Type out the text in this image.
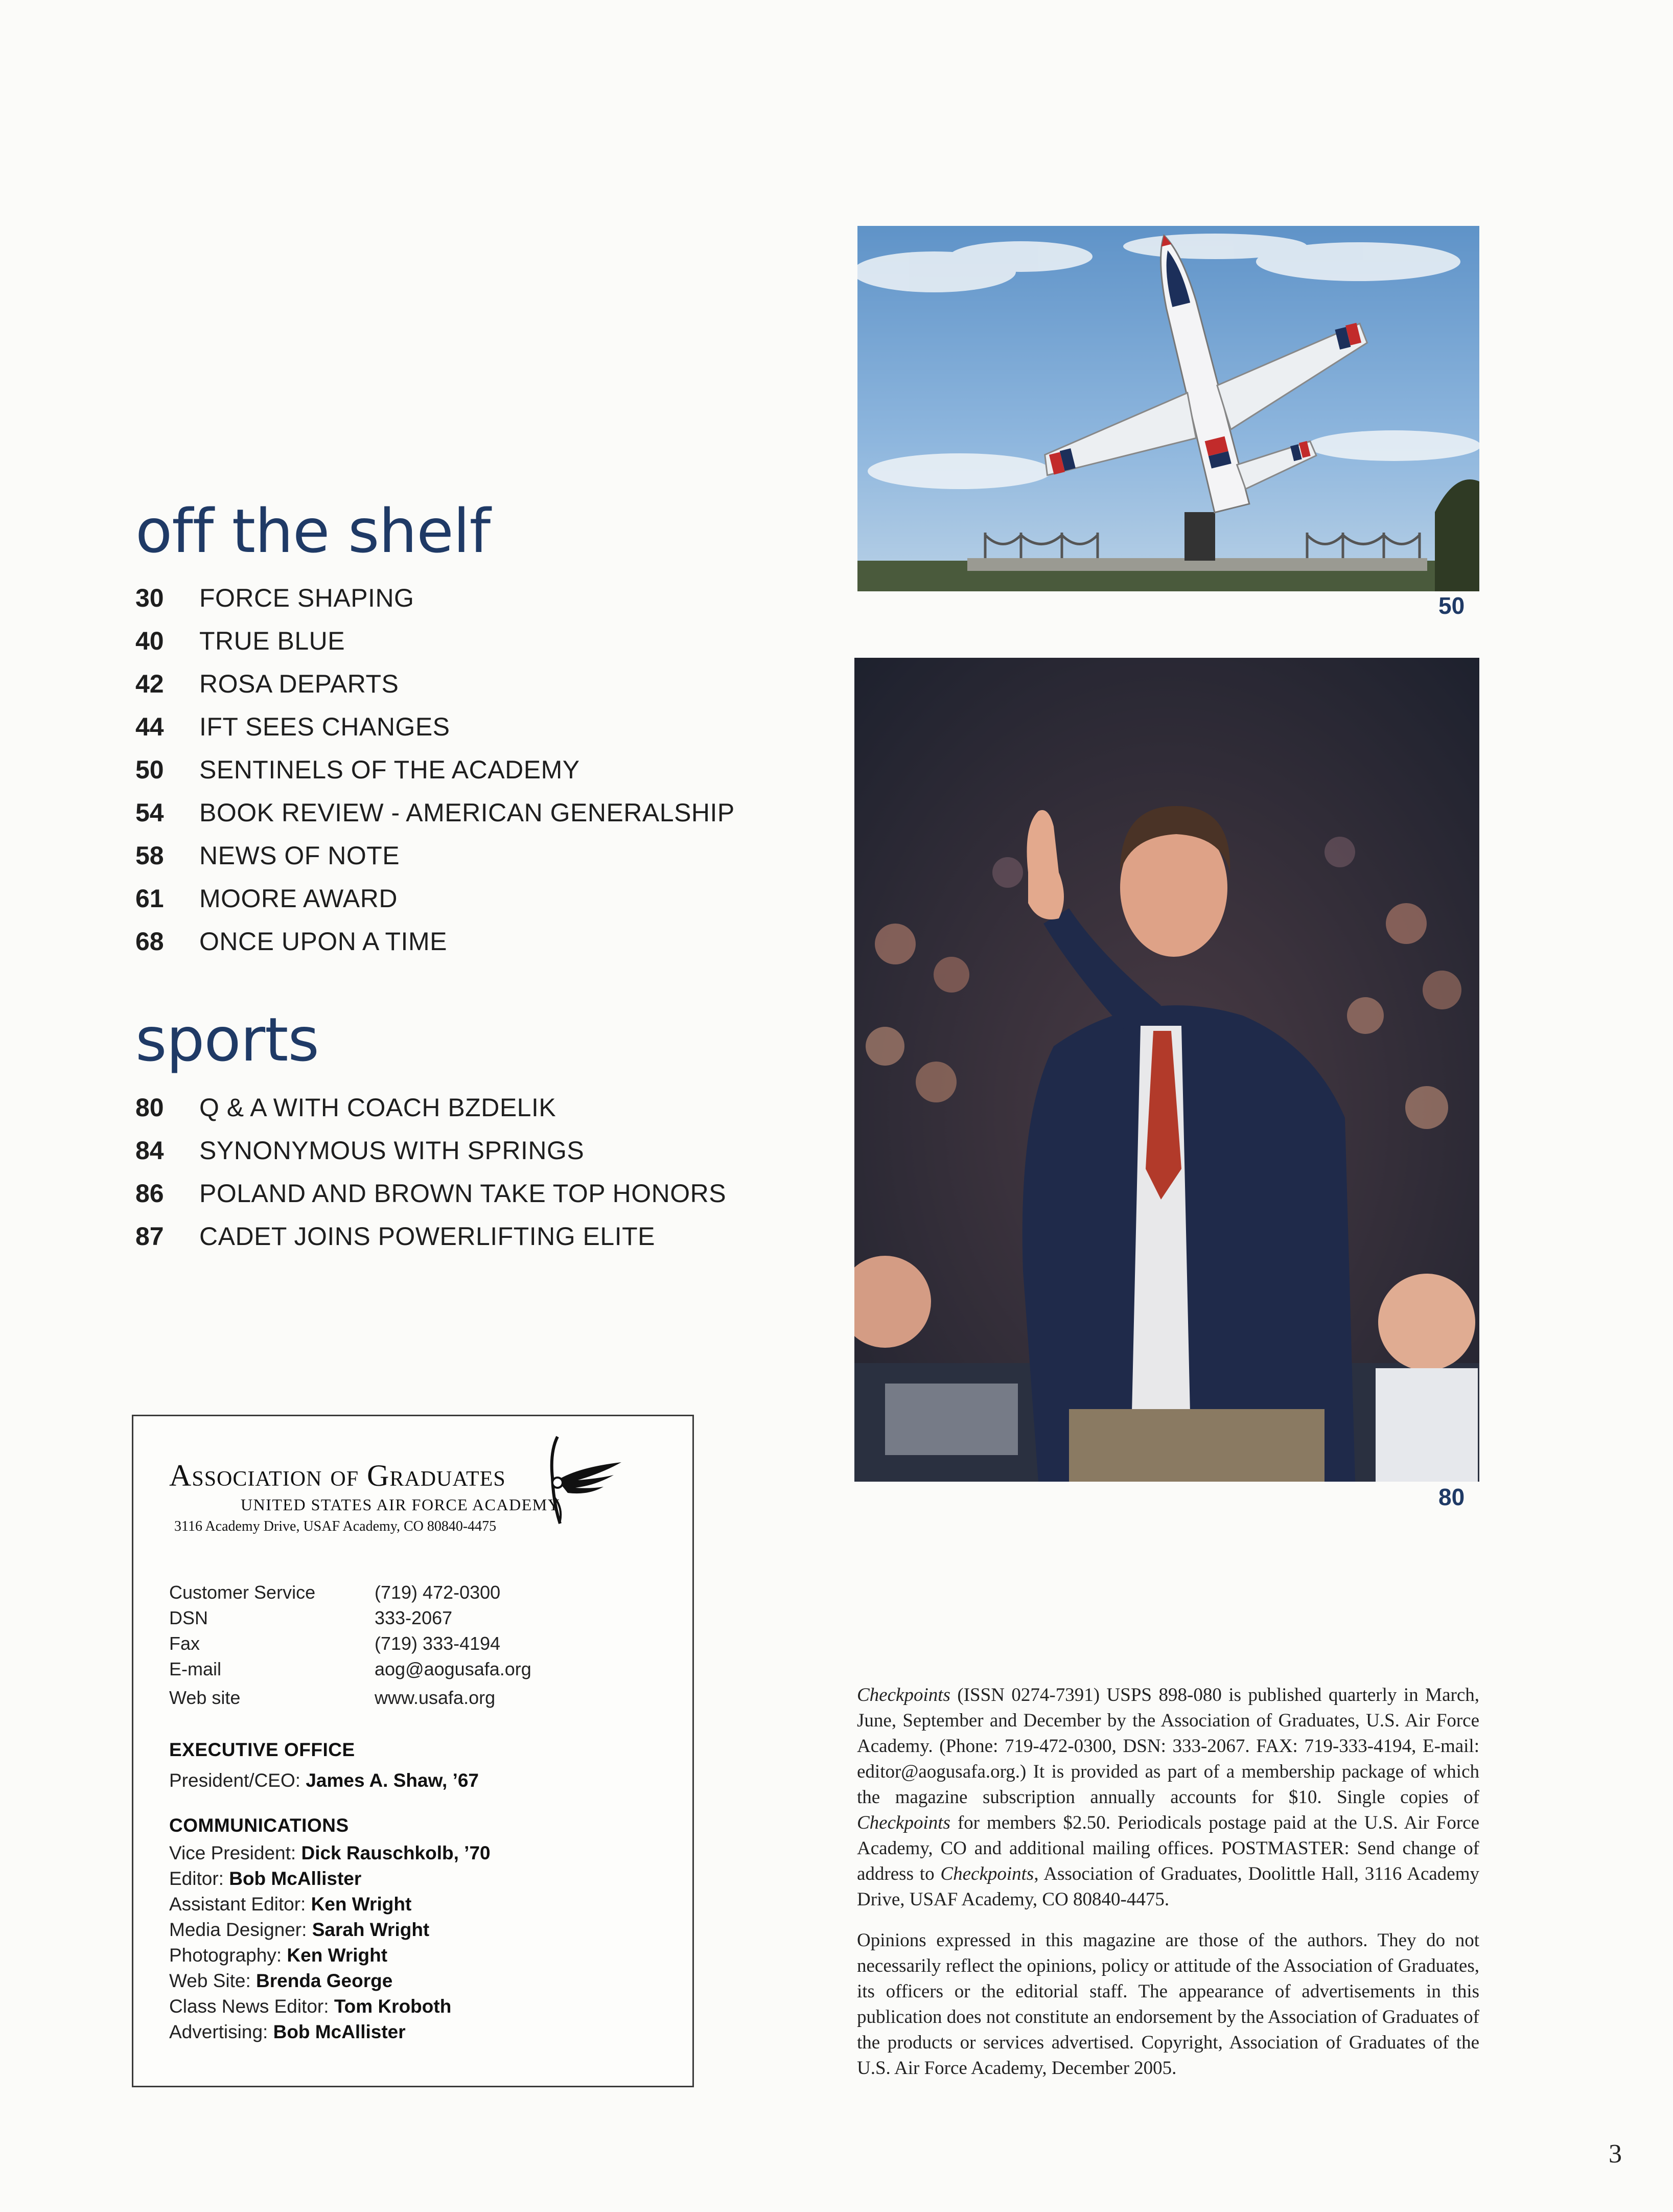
off the shelf
30	FORCE SHAPING
40	TRUE BLUE
42	ROSA DEPARTS
44	IFT SEES CHANGES
50	SENTINELS OF THE ACADEMY
54	BOOK REVIEW - AMERICAN GENERALSHIP
58	NEWS OF NOTE
61	MOORE AWARD
68	ONCE UPON A TIME
sports
80	Q & A WITH COACH BZDELIK
84	SYNONYMOUS WITH SPRINGS
86	POLAND AND BROWN TAKE TOP HONORS
87	CADET JOINS POWERLIFTING ELITE
50
80
Association of Graduates
UNITED STATES AIR FORCE ACADEMY
3116 Academy Drive, USAF Academy, CO 80840-4475
Customer Service	(719) 472-0300
DSN	333-2067
Fax	(719) 333-4194
E-mail	aog@aogusafa.org
Web site	www.usafa.org
EXECUTIVE OFFICE
President/CEO: James A. Shaw, ’67
COMMUNICATIONS
Vice President: Dick Rauschkolb, ’70
Editor: Bob McAllister
Assistant Editor: Ken Wright
Media Designer: Sarah Wright
Photography: Ken Wright
Web Site: Brenda George
Class News Editor: Tom Kroboth
Advertising: Bob McAllister

Checkpoints (ISSN 0274-7391) USPS 898-080 is published quarterly in March, June, September and December by the Association of Graduates, U.S. Air Force Academy. (Phone: 719-472-0300, DSN: 333-2067. FAX: 719-333-4194, E-mail: editor@aogusafa.org.) It is provided as part of a membership package of which the magazine subscription annually accounts for $10. Single copies of Checkpoints for members $2.50. Periodicals postage paid at the U.S. Air Force Academy, CO and additional mailing offices. POSTMASTER: Send change of address to Checkpoints, Association of Graduates, Doolittle Hall, 3116 Academy Drive, USAF Academy, CO 80840-4475.

Opinions expressed in this magazine are those of the authors. They do not necessarily reflect the opinions, policy or attitude of the Association of Graduates, its officers or the editorial staff. The appearance of advertisements in this publication does not constitute an endorsement by the Association of Graduates of the products or services advertised. Copyright, Association of Graduates of the U.S. Air Force Academy, December 2005.

3
